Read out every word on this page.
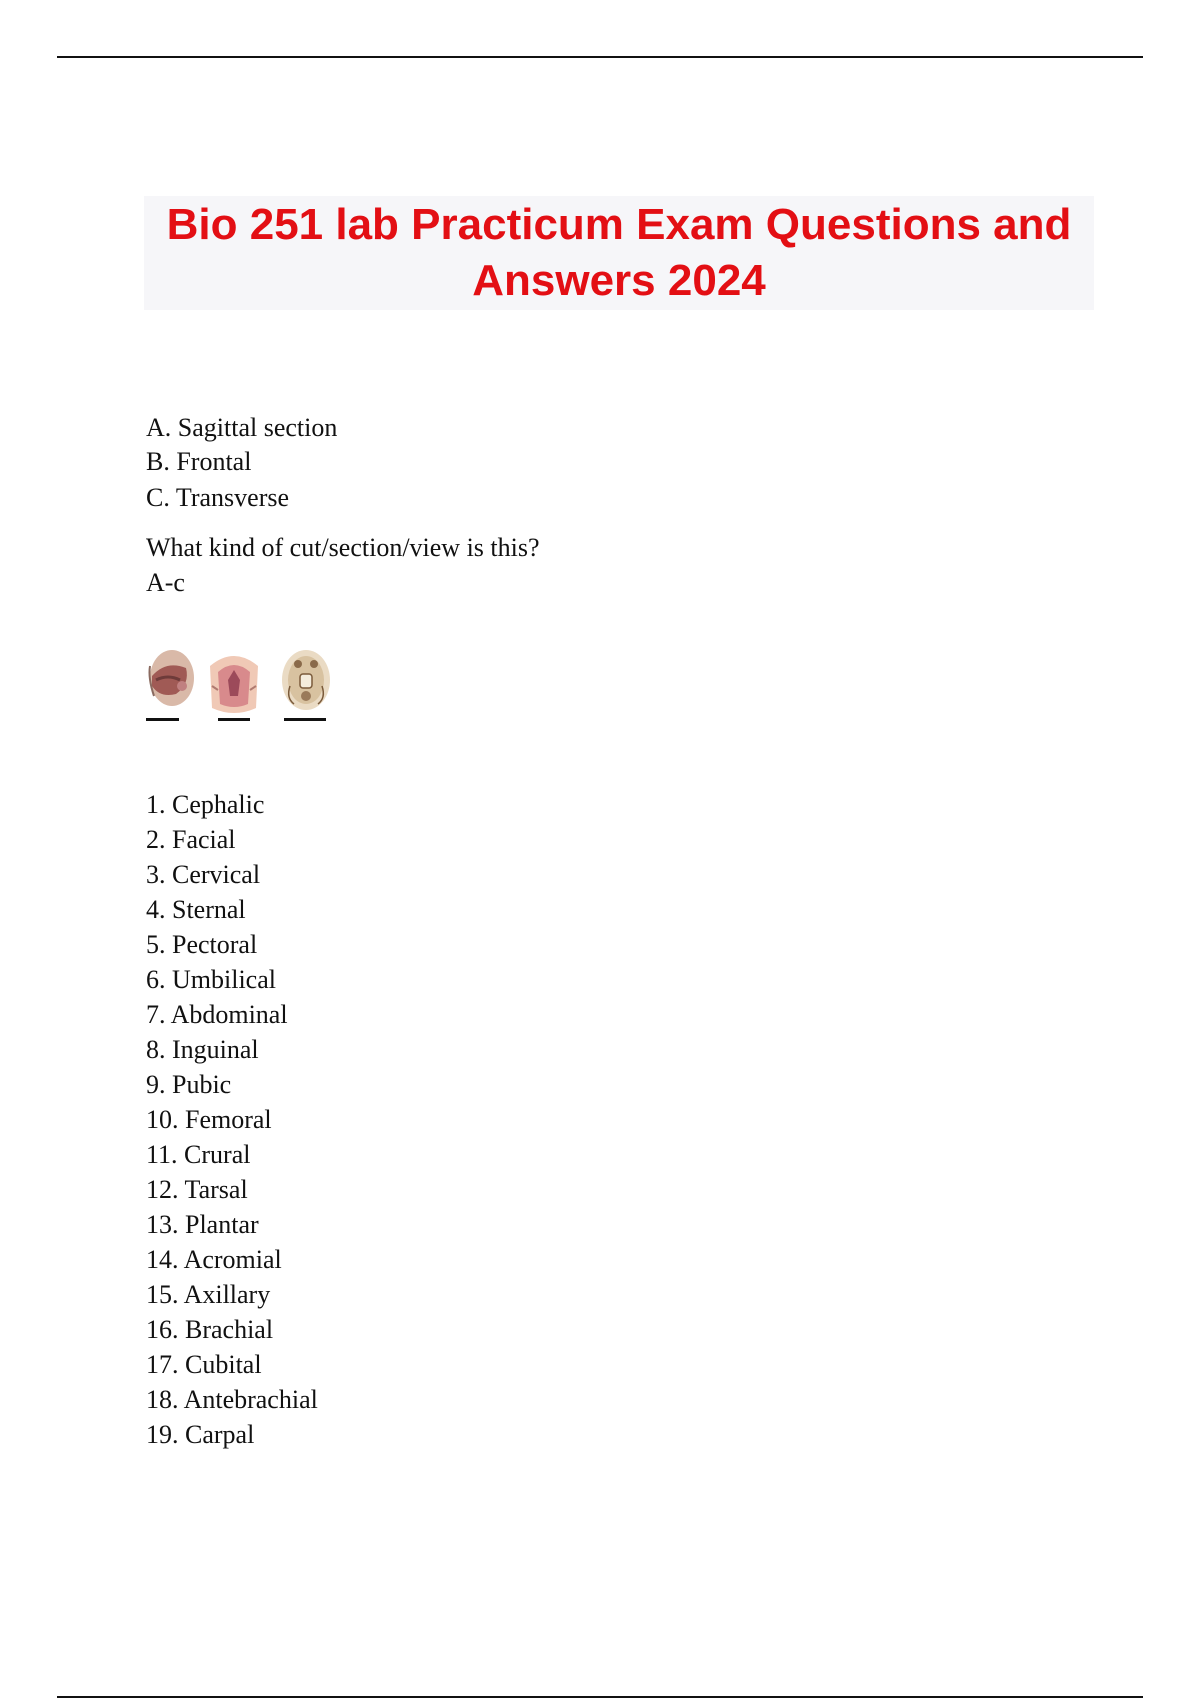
Bio 251 lab Practicum Exam Questions and Answers 2024
A. Sagittal section
B. Frontal
C. Transverse
What kind of cut/section/view is this?
A-c
1. Cephalic
2. Facial
3. Cervical
4. Sternal
5. Pectoral
6. Umbilical
7. Abdominal
8. Inguinal
9. Pubic
10. Femoral
11. Crural
12. Tarsal
13. Plantar
14. Acromial
15. Axillary
16. Brachial
17. Cubital
18. Antebrachial
19. Carpal
